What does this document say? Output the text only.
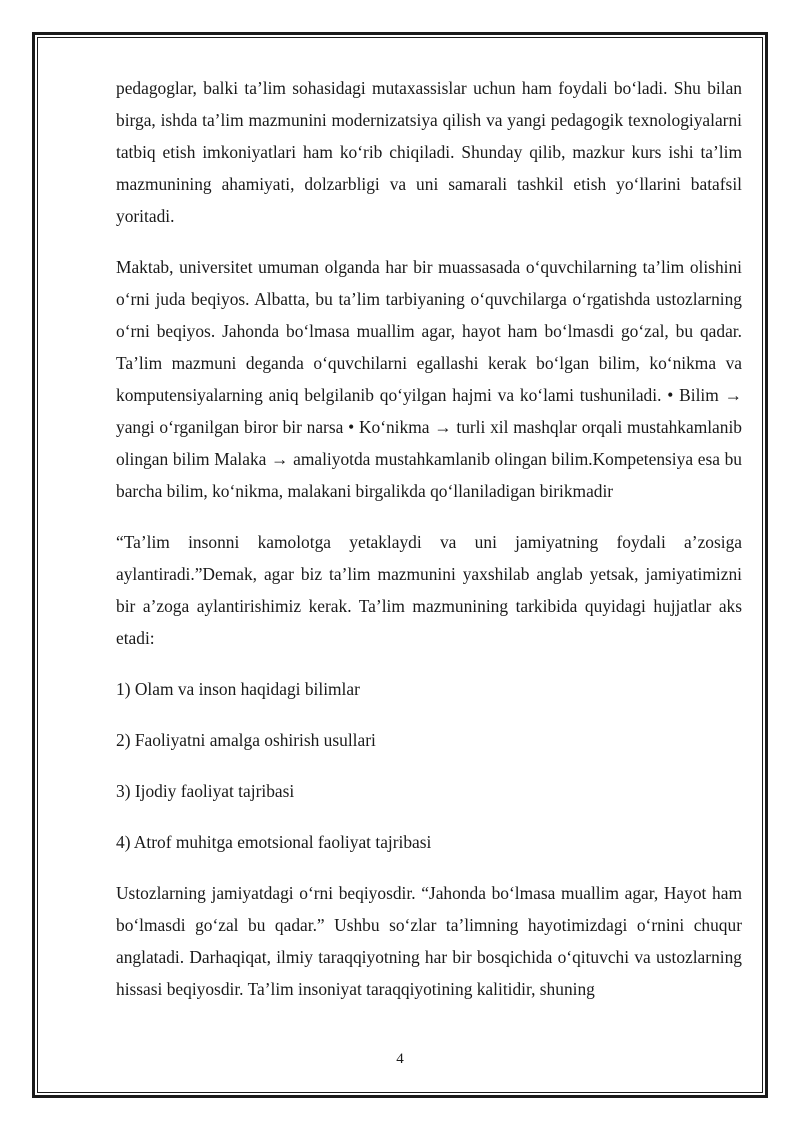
pedagoglar, balki ta’lim sohasidagi mutaxassislar uchun ham foydali bo‘ladi. Shu bilan birga, ishda ta’lim mazmunini modernizatsiya qilish va yangi pedagogik texnologiyalarni tatbiq etish imkoniyatlari ham ko‘rib chiqiladi. Shunday qilib, mazkur kurs ishi ta’lim mazmunining ahamiyati, dolzarbligi va uni samarali tashkil etish yo‘llarini batafsil yoritadi.

Maktab, universitet umuman olganda har bir muassasada o‘quvchilarning ta’lim olishini o‘rni juda beqiyos. Albatta, bu ta’lim tarbiyaning o‘quvchilarga o‘rgatishda ustozlarning o‘rni beqiyos. Jahonda bo‘lmasa muallim agar, hayot ham bo‘lmasdi go‘zal, bu qadar. Ta’lim mazmuni deganda o‘quvchilarni egallashi kerak bo‘lgan bilim, ko‘nikma va komputensiyalarning aniq belgilanib qo‘yilgan hajmi va ko‘lami tushuniladi. • Bilim → yangi o‘rganilgan biror bir narsa • Ko‘nikma → turli xil mashqlar orqali mustahkamlanib olingan bilim Malaka → amaliyotda mustahkamlanib olingan bilim.Kompetensiya esa bu barcha bilim, ko‘nikma, malakani birgalikda qo‘llaniladigan birikmadir

“Ta’lim insonni kamolotga yetaklaydi va uni jamiyatning foydali a’zosiga aylantiradi.”Demak, agar biz ta’lim mazmunini yaxshilab anglab yetsak, jamiyatimizni bir a’zoga aylantirishimiz kerak. Ta’lim mazmunining tarkibida quyidagi hujjatlar aks etadi:

1) Olam va inson haqidagi bilimlar

2) Faoliyatni amalga oshirish usullari

3) Ijodiy faoliyat tajribasi

4) Atrof muhitga emotsional faoliyat tajribasi

Ustozlarning jamiyatdagi o‘rni beqiyosdir. “Jahonda bo‘lmasa muallim agar, Hayot ham bo‘lmasdi go‘zal bu qadar.” Ushbu so‘zlar ta’limning hayotimizdagi o‘rnini chuqur anglatadi. Darhaqiqat, ilmiy taraqqiyotning har bir bosqichida o‘qituvchi va ustozlarning hissasi beqiyosdir. Ta’lim insoniyat taraqqiyotining kalitidir, shuning

4
